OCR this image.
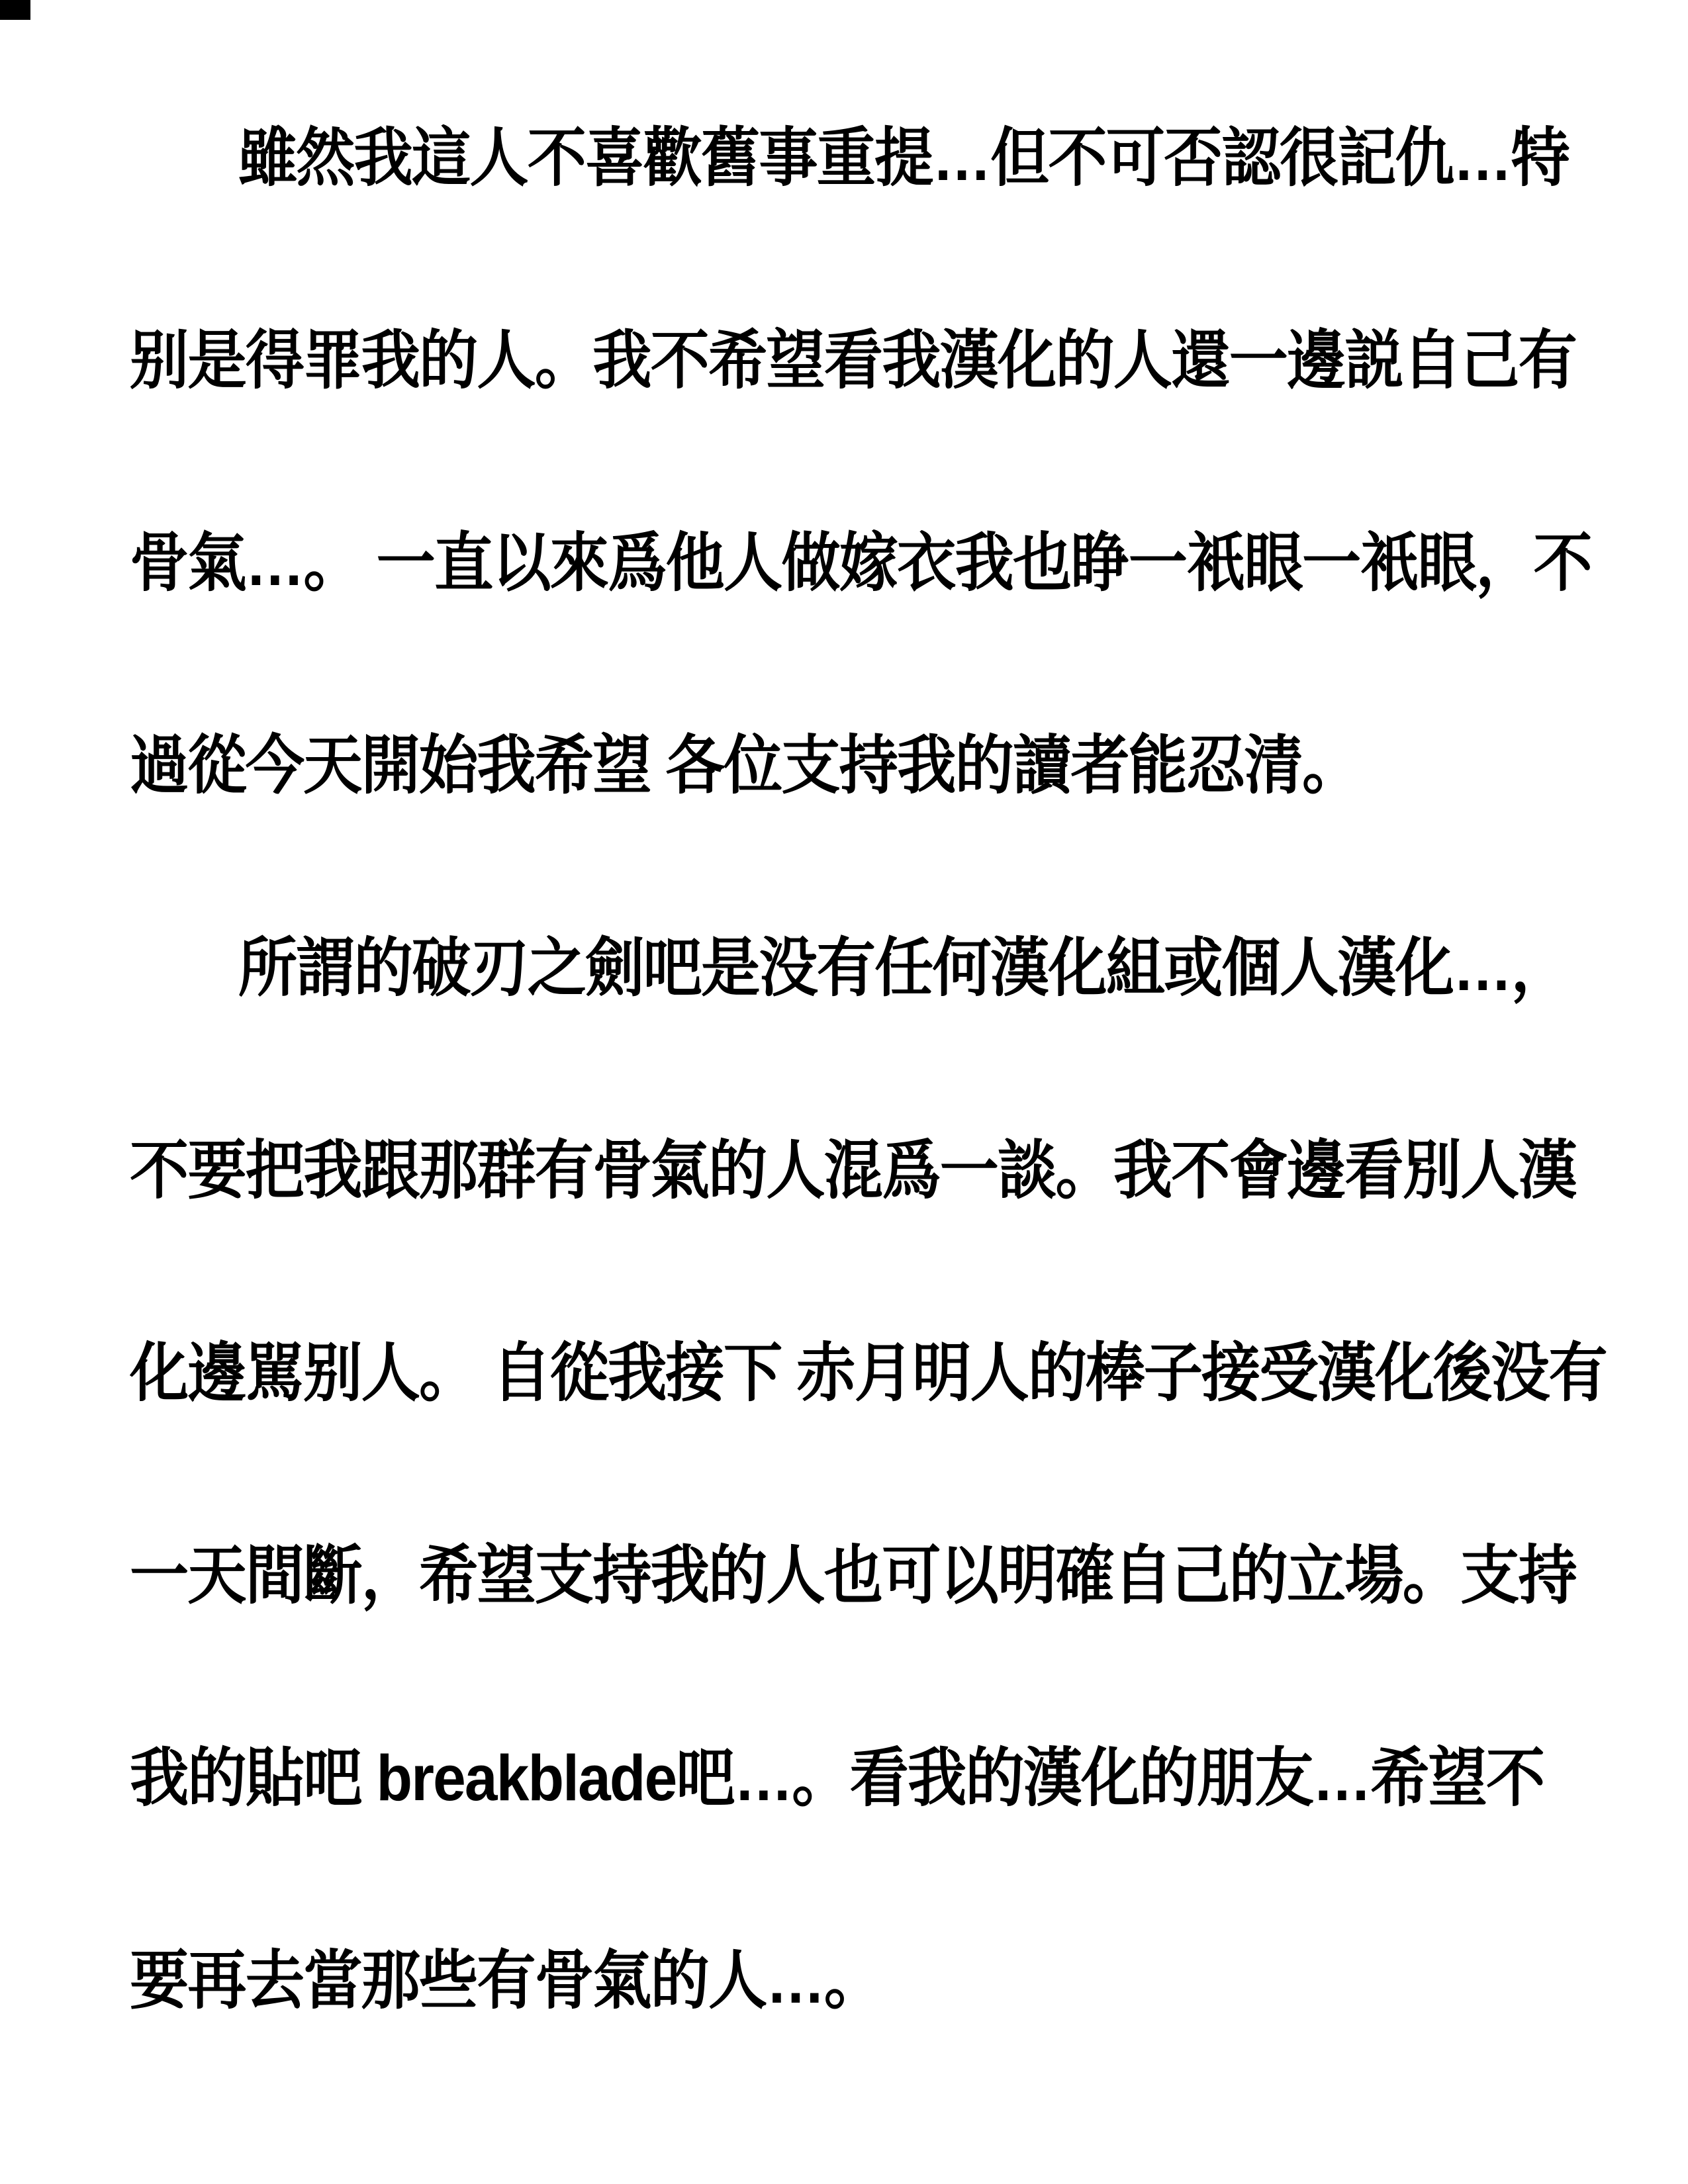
雖然我這人不喜歡舊事重提…但不可否認很記仇…特
别是得罪我的人。我不希望看我漢化的人還一邊説自己有
骨氣…。 一直以來爲他人做嫁衣我也睁一衹眼一衹眼，不
過從今天開始我希望 各位支持我的讀者能忍清。
所謂的破刃之劍吧是没有任何漢化組或個人漢化…，
不要把我跟那群有骨氣的人混爲一談。我不會邊看別人漢
化邊駡别人。 自從我接下 赤月明人的棒子接受漢化後没有
一天間斷，希望支持我的人也可以明確自己的立場。支持
我的貼吧 breakblade吧…。看我的漢化的朋友…希望不
要再去當那些有骨氣的人…。
